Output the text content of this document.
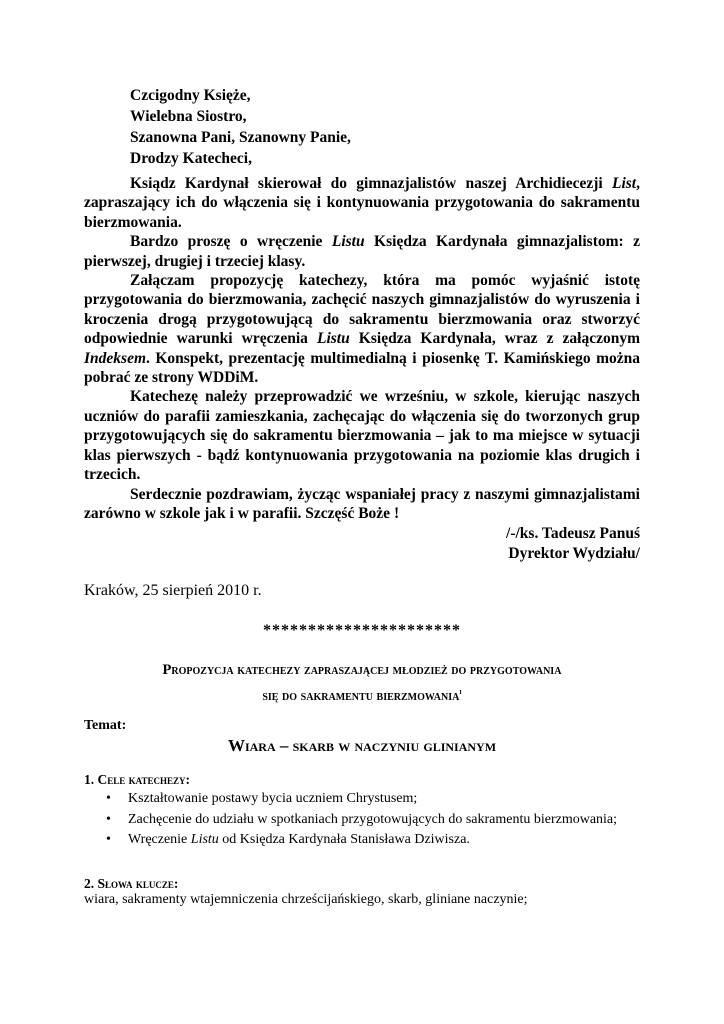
Czcigodny Księże,
Wielebna Siostro,
Szanowna Pani, Szanowny Panie,
Drodzy Katecheci,

Ksiądz Kardynał skierował do gimnazjalistów naszej Archidiecezji List, zapraszający ich do włączenia się i kontynuowania przygotowania do sakramentu bierzmowania.

Bardzo proszę o wręczenie Listu Księdza Kardynała gimnazjalistom: z pierwszej, drugiej i trzeciej klasy.

Załączam propozycję katechezy, która ma pomóc wyjaśnić istotę przygotowania do bierzmowania, zachęcić naszych gimnazjalistów do wyruszenia i kroczenia drogą przygotowującą do sakramentu bierzmowania oraz stworzyć odpowiednie warunki wręczenia Listu Księdza Kardynała, wraz z załączonym Indeksem. Konspekt, prezentację multimedialną i piosenkę T. Kamińskiego można pobrać ze strony WDDiM.

Katechezę należy przeprowadzić we wrześniu, w szkole, kierując naszych uczniów do parafii zamieszkania, zachęcając do włączenia się do tworzonych grup przygotowujących się do sakramentu bierzmowania – jak to ma miejsce w sytuacji klas pierwszych - bądź kontynuowania przygotowania na poziomie klas drugich i trzecich.

Serdecznie pozdrawiam, życząc wspaniałej pracy z naszymi gimnazjalistami zarówno w szkole jak i w parafii. Szczęść Boże !

/-/ks. Tadeusz Panuś
Dyrektor Wydziału/
Kraków, 25 sierpień 2010 r.
**********************
Propozycja katechezy zapraszającej młodzież do przygotowania
się do sakramentu bierzmowania$^i$
Temat:
Wiara – skarb w naczyniu glinianym
1. Cele katechezy:
• Kształtowanie postawy bycia uczniem Chrystusem;
• Zachęcenie do udziału w spotkaniach przygotowujących do sakramentu bierzmowania;
• Wręczenie Listu od Księdza Kardynała Stanisława Dziwisza.
2. Słowa klucze:
wiara, sakramenty wtajemniczenia chrześcijańskiego, skarb, gliniane naczynie;
